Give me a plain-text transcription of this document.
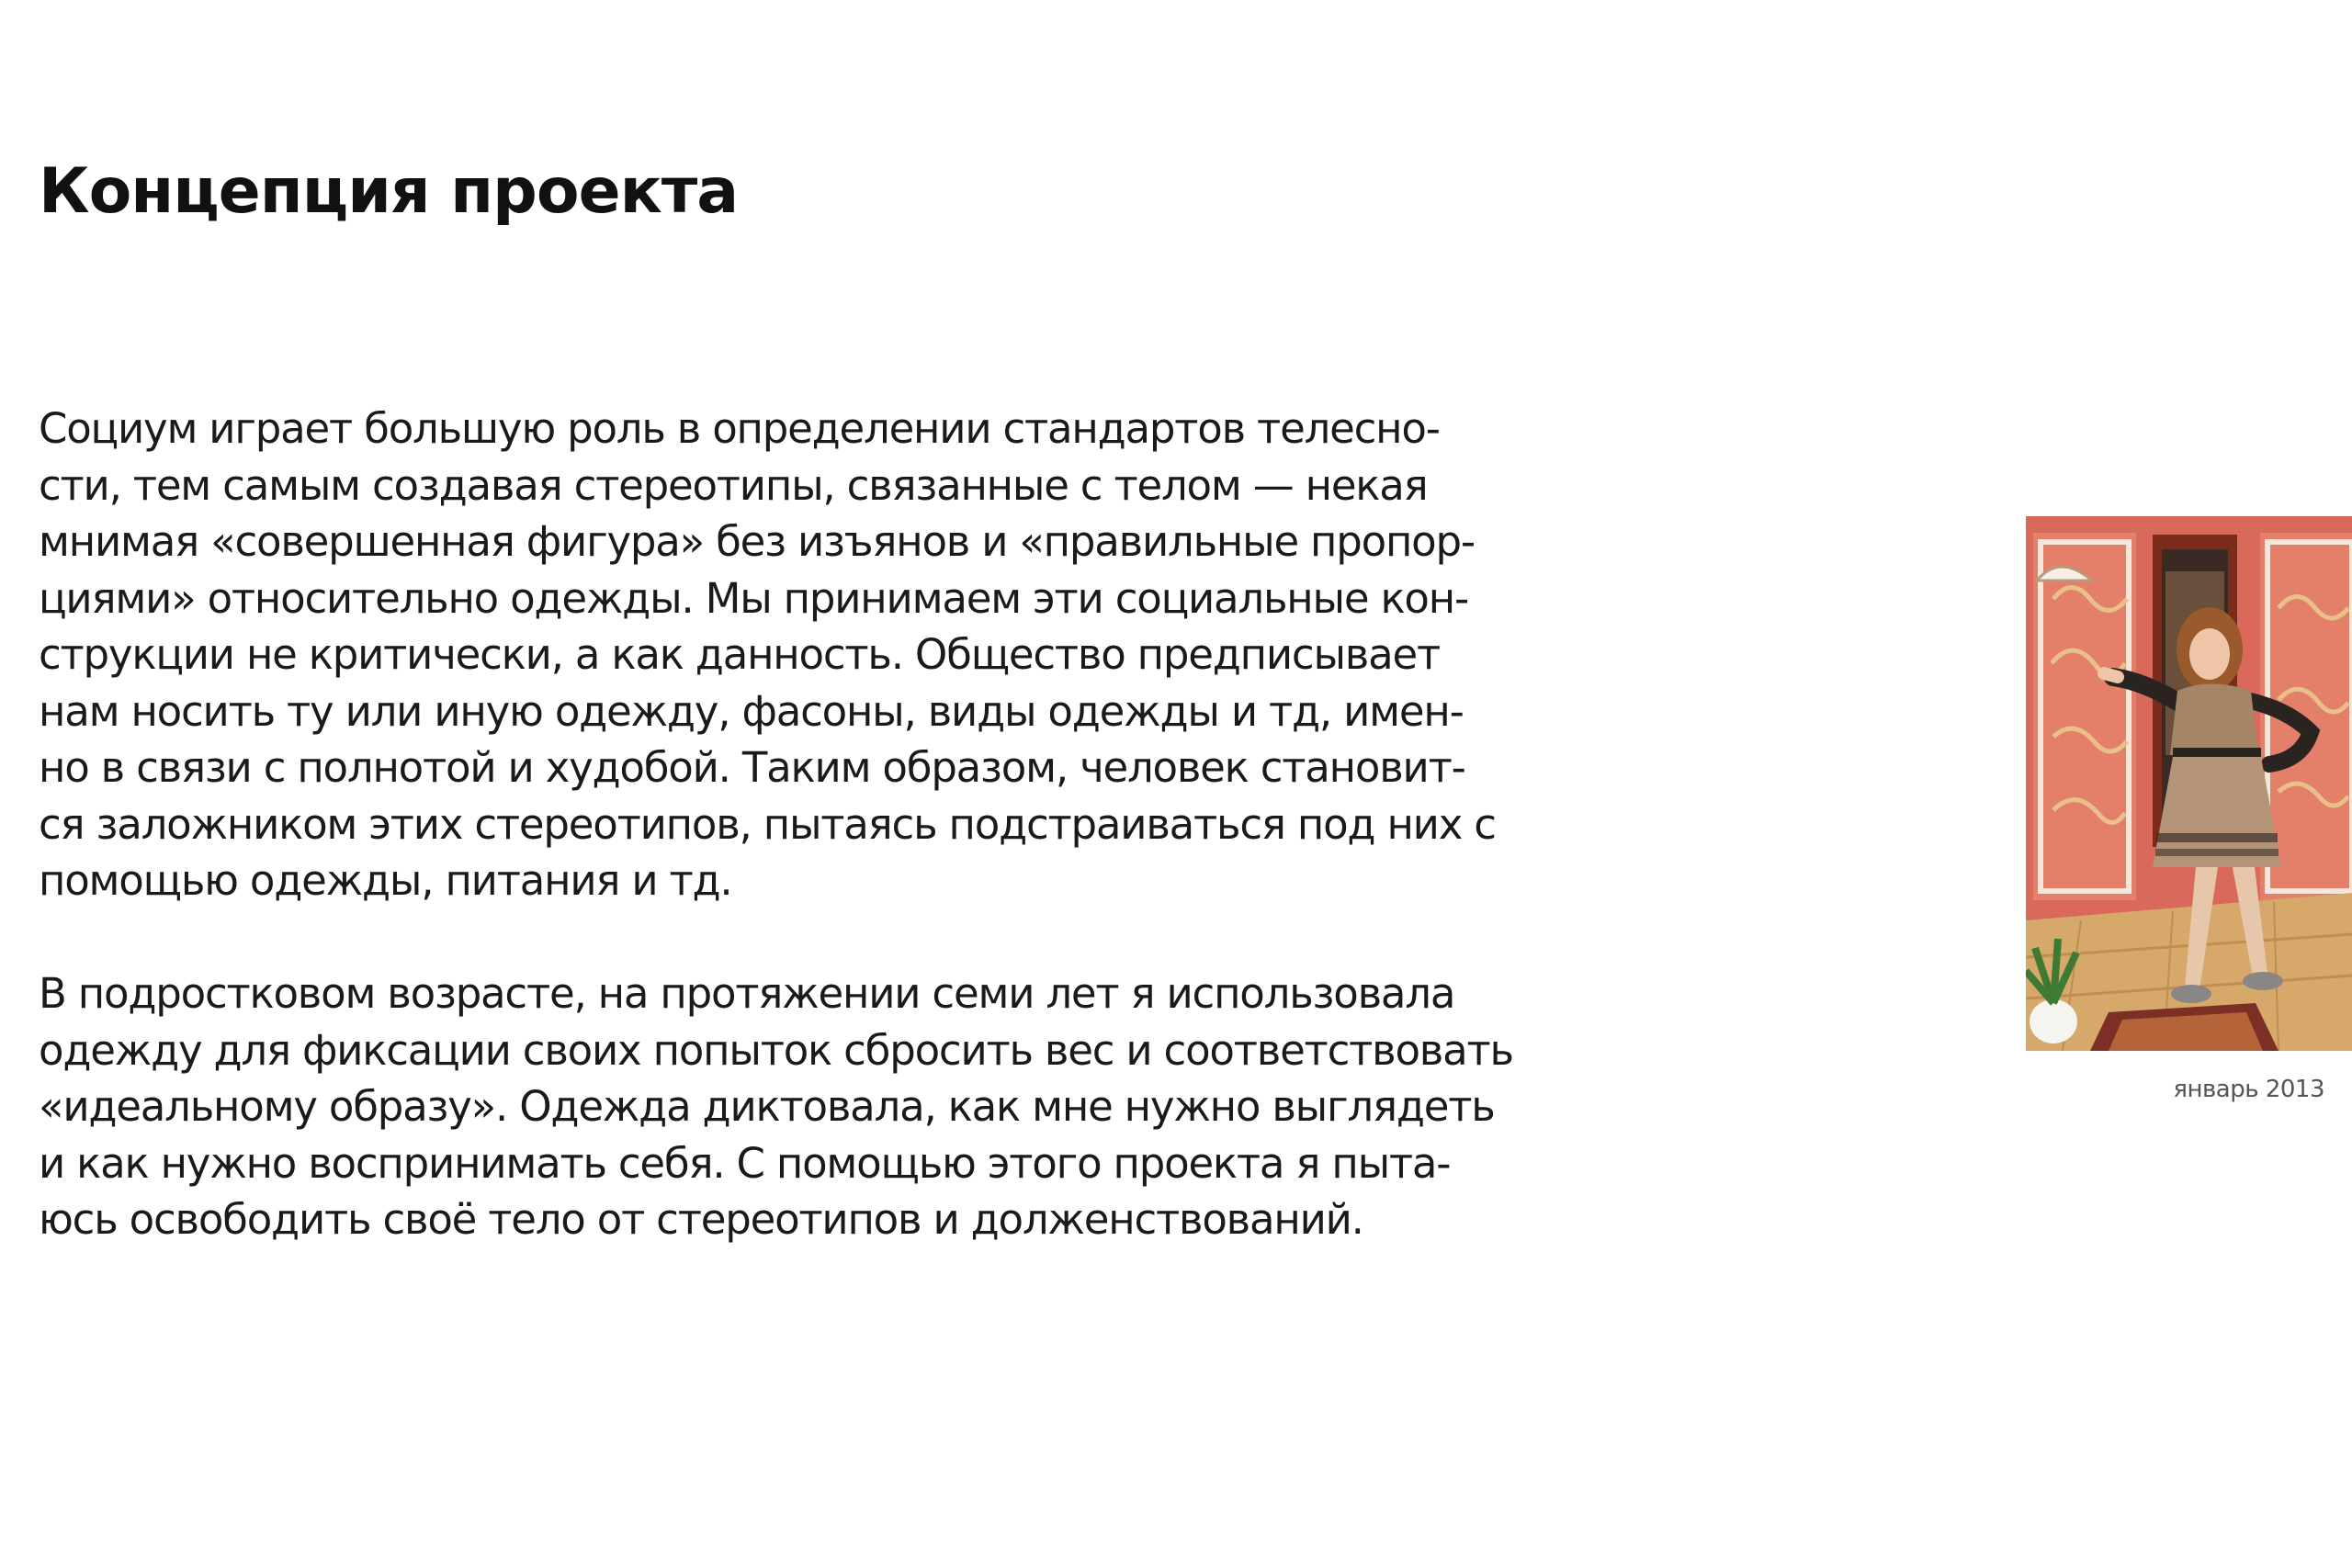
Концепция проекта

Социум играет большую роль в определении стандартов телесно-
сти, тем самым создавая стереотипы, связанные с телом — некая
мнимая «совершенная фигура» без изъянов и «правильные пропор-
циями» относительно одежды. Мы принимаем эти социальные кон-
струкции не критически, а как данность. Общество предписывает
нам носить ту или иную одежду, фасоны, виды одежды и тд, имен-
но в связи с полнотой и худобой. Таким образом, человек становит-
ся заложником этих стереотипов, пытаясь подстраиваться под них с
помощью одежды, питания и тд.

В подростковом возрасте, на протяжении семи лет я использовала
одежду для фиксации своих попыток сбросить вес и соответствовать
«идеальному образу». Одежда диктовала, как мне нужно выглядеть
и как нужно воспринимать себя. С помощью этого проекта я пыта-
юсь освободить своё тело от стереотипов и долженствований.

январь 2013
